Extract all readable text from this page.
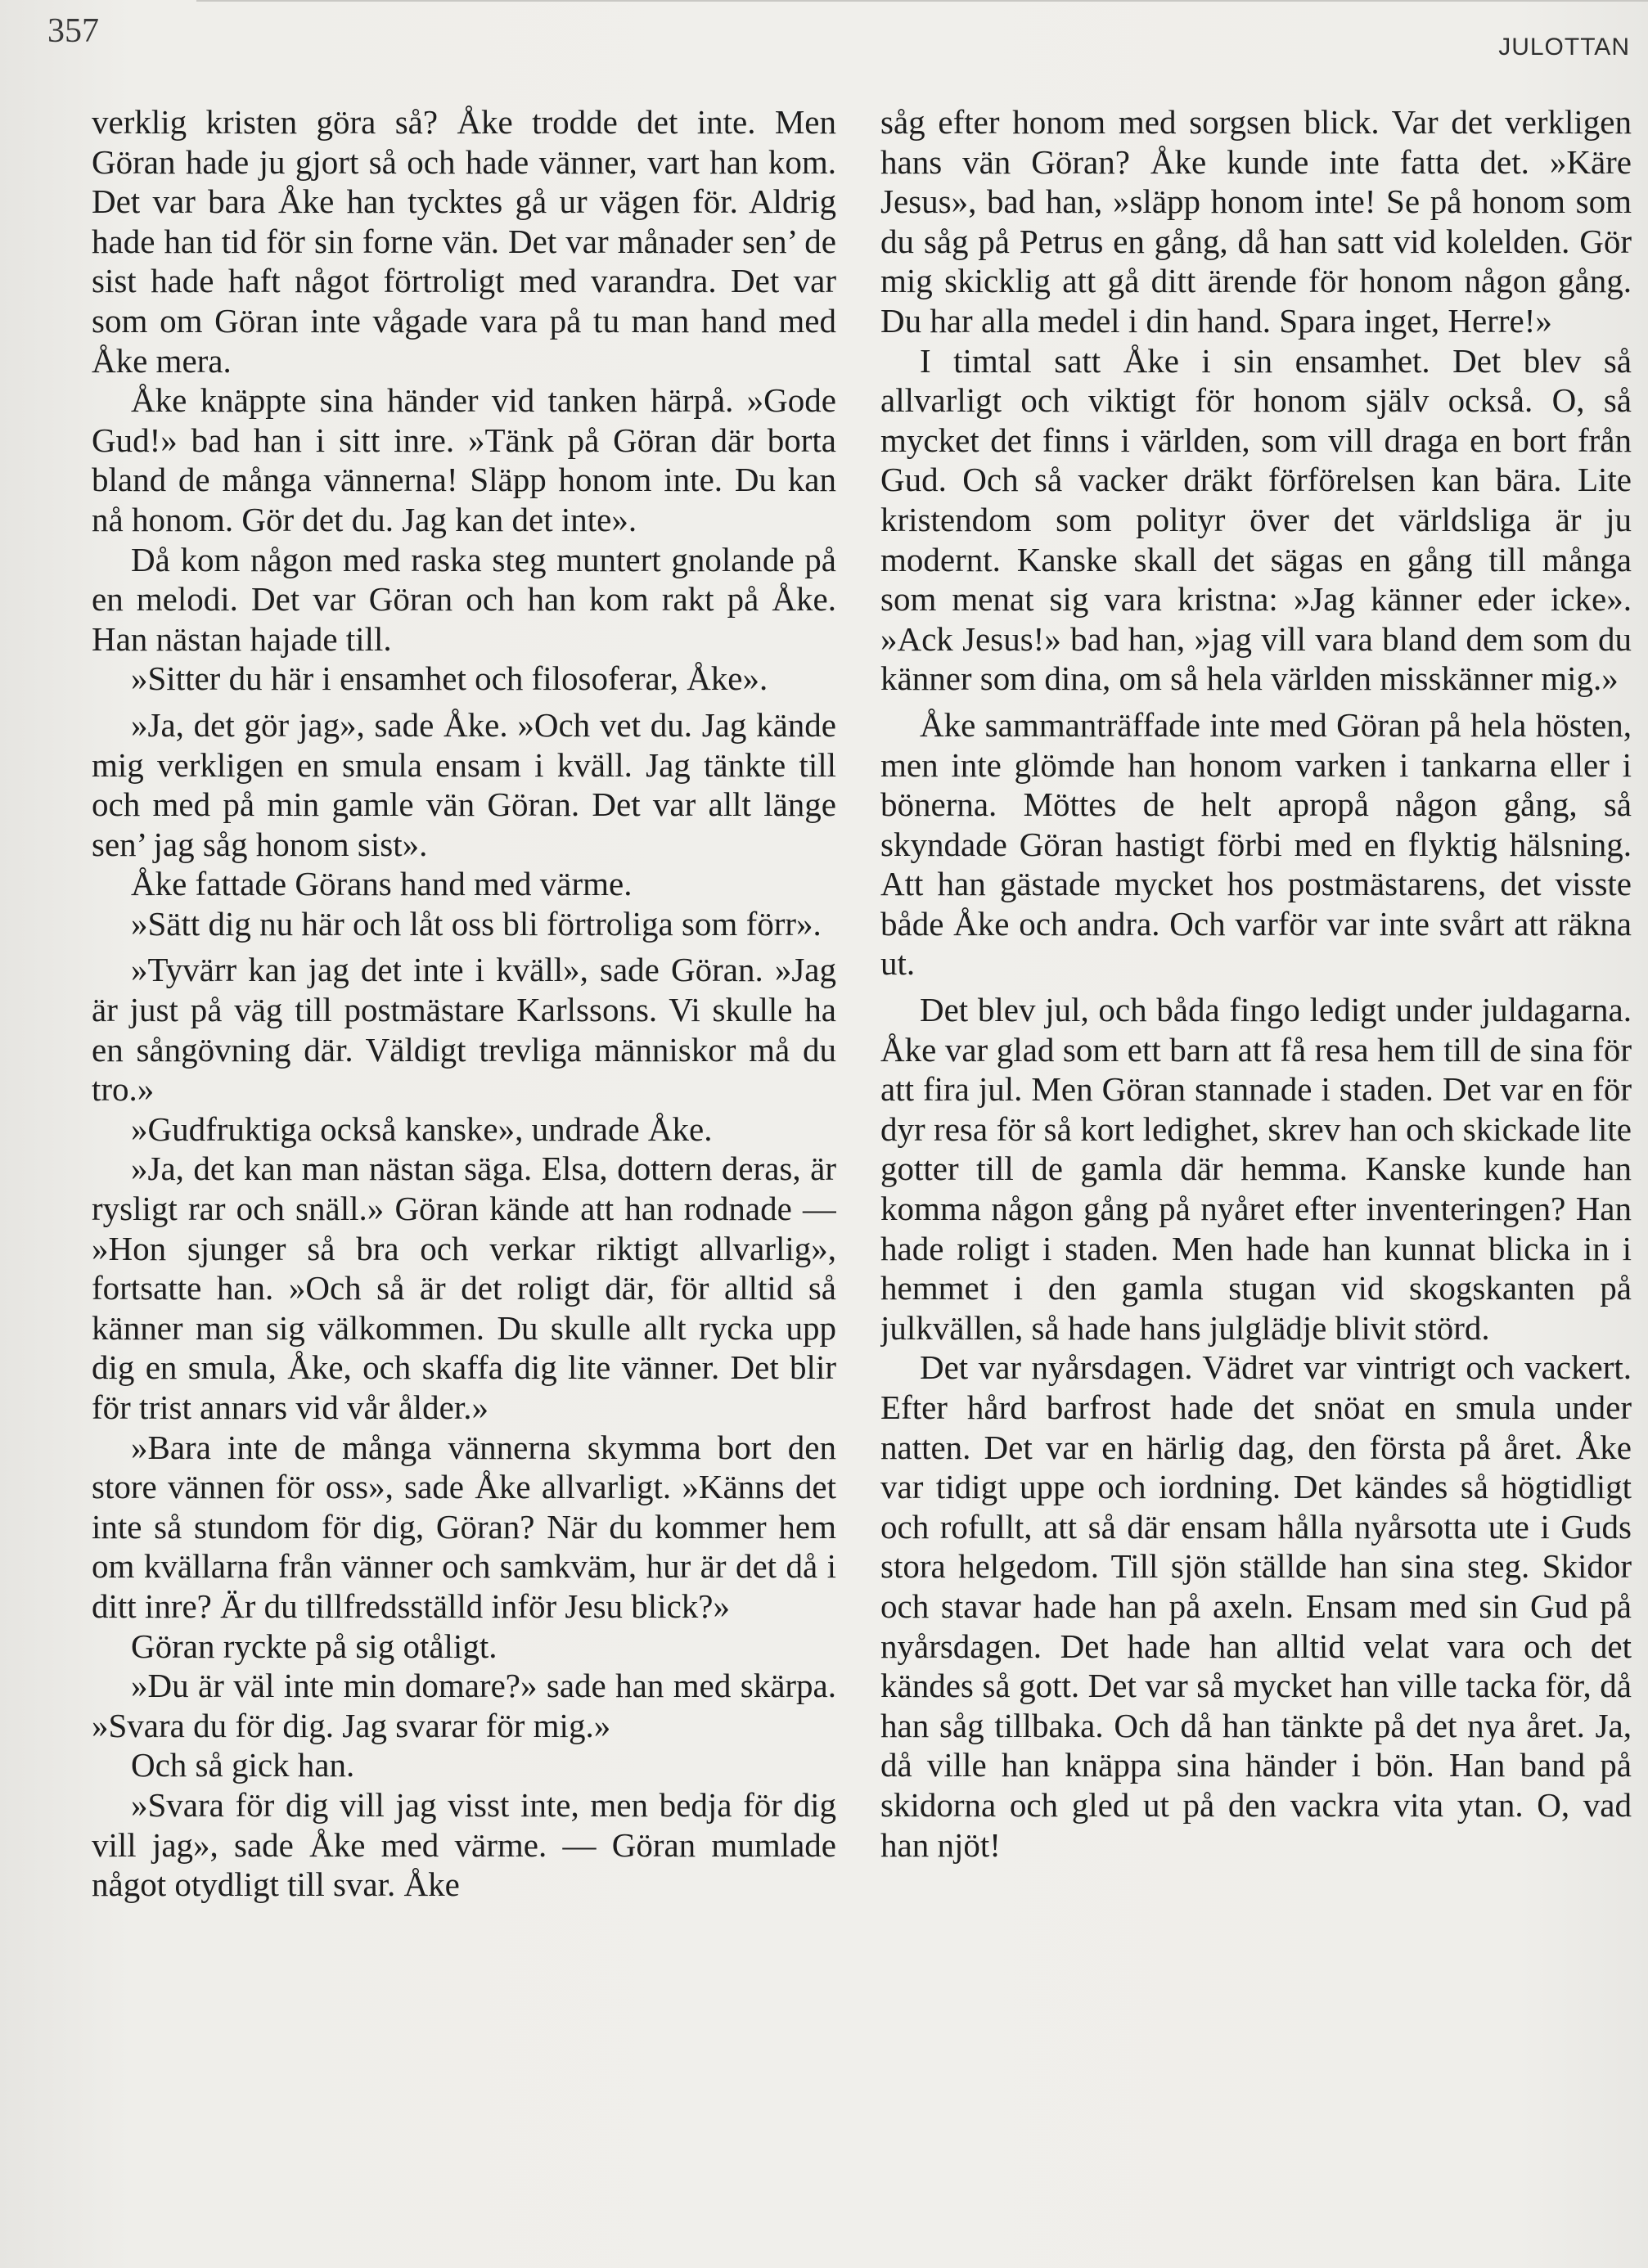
357	JULOTTAN

verklig kristen göra så? Åke trodde det inte. Men Göran hade ju gjort så och hade vänner, vart han kom. Det var bara Åke han tycktes gå ur vägen för. Aldrig hade han tid för sin forne vän. Det var månader sen’ de sist hade haft något förtroligt med varandra. Det var som om Göran inte vågade vara på tu man hand med Åke mera.

Åke knäppte sina händer vid tanken härpå. »Gode Gud!» bad han i sitt inre. »Tänk på Göran där borta bland de många vännerna! Släpp honom inte. Du kan nå honom. Gör det du. Jag kan det inte».

Då kom någon med raska steg muntert gnolande på en melodi. Det var Göran och han kom rakt på Åke. Han nästan hajade till.

»Sitter du här i ensamhet och filosoferar, Åke».

»Ja, det gör jag», sade Åke. »Och vet du. Jag kände mig verkligen en smula ensam i kväll. Jag tänkte till och med på min gamle vän Göran. Det var allt länge sen’ jag såg honom sist».

Åke fattade Görans hand med värme.

»Sätt dig nu här och låt oss bli förtroliga som förr».

»Tyvärr kan jag det inte i kväll», sade Göran. »Jag är just på väg till postmästare Karlssons. Vi skulle ha en sångövning där. Väldigt trevliga människor må du tro.»

»Gudfruktiga också kanske», undrade Åke.

»Ja, det kan man nästan säga. Elsa, dottern deras, är rysligt rar och snäll.» Göran kände att han rodnade — »Hon sjunger så bra och verkar riktigt allvarlig», fortsatte han. »Och så är det roligt där, för alltid så känner man sig välkommen. Du skulle allt rycka upp dig en smula, Åke, och skaffa dig lite vänner. Det blir för trist annars vid vår ålder.»

»Bara inte de många vännerna skymma bort den store vännen för oss», sade Åke allvarligt. »Känns det inte så stundom för dig, Göran? När du kommer hem om kvällarna från vänner och samkväm, hur är det då i ditt inre? Är du tillfredsställd inför Jesu blick?»

Göran ryckte på sig otåligt.

»Du är väl inte min domare?» sade han med skärpa. »Svara du för dig. Jag svarar för mig.»

Och så gick han.

»Svara för dig vill jag visst inte, men bedja för dig vill jag», sade Åke med värme. — Göran mumlade något otydligt till svar. Åke

såg efter honom med sorgsen blick. Var det verkligen hans vän Göran? Åke kunde inte fatta det. »Käre Jesus», bad han, »släpp honom inte! Se på honom som du såg på Petrus en gång, då han satt vid kolelden. Gör mig skicklig att gå ditt ärende för honom någon gång. Du har alla medel i din hand. Spara inget, Herre!»

I timtal satt Åke i sin ensamhet. Det blev så allvarligt och viktigt för honom själv också. O, så mycket det finns i världen, som vill draga en bort från Gud. Och så vacker dräkt förförelsen kan bära. Lite kristendom som polityr över det världsliga är ju modernt. Kanske skall det sägas en gång till många som menat sig vara kristna: »Jag känner eder icke». »Ack Jesus!» bad han, »jag vill vara bland dem som du känner som dina, om så hela världen misskänner mig.»

Åke sammanträffade inte med Göran på hela hösten, men inte glömde han honom varken i tankarna eller i bönerna. Möttes de helt apropå någon gång, så skyndade Göran hastigt förbi med en flyktig hälsning. Att han gästade mycket hos postmästarens, det visste både Åke och andra. Och varför var inte svårt att räkna ut.

Det blev jul, och båda fingo ledigt under juldagarna. Åke var glad som ett barn att få resa hem till de sina för att fira jul. Men Göran stannade i staden. Det var en för dyr resa för så kort ledighet, skrev han och skickade lite gotter till de gamla där hemma. Kanske kunde han komma någon gång på nyåret efter inventeringen? Han hade roligt i staden. Men hade han kunnat blicka in i hemmet i den gamla stugan vid skogskanten på julkvällen, så hade hans julglädje blivit störd.

Det var nyårsdagen. Vädret var vintrigt och vackert. Efter hård barfrost hade det snöat en smula under natten. Det var en härlig dag, den första på året. Åke var tidigt uppe och iordning. Det kändes så högtidligt och rofullt, att så där ensam hålla nyårsotta ute i Guds stora helgedom. Till sjön ställde han sina steg. Skidor och stavar hade han på axeln. Ensam med sin Gud på nyårsdagen. Det hade han alltid velat vara och det kändes så gott. Det var så mycket han ville tacka för, då han såg tillbaka. Och då han tänkte på det nya året. Ja, då ville han knäppa sina händer i bön. Han band på skidorna och gled ut på den vackra vita ytan. O, vad han njöt!
